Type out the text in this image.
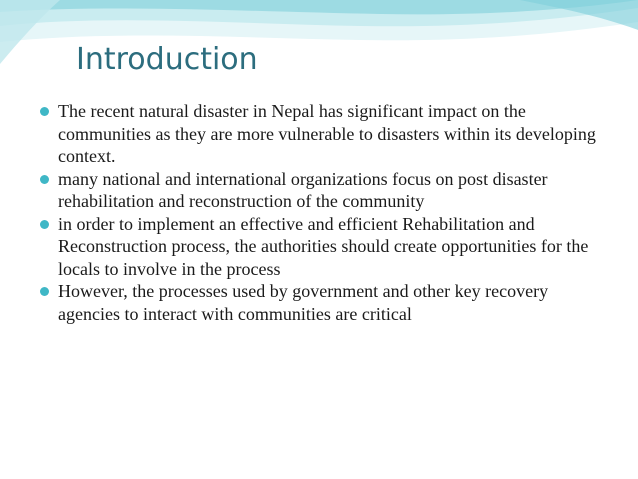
Introduction
The recent natural disaster in Nepal has significant impact on the communities as they are more vulnerable to disasters within its developing context.
many national and international organizations focus on post disaster rehabilitation and reconstruction of the community
in order to implement an effective and efficient Rehabilitation and Reconstruction process, the authorities should create opportunities for the locals to involve in the process
However, the processes used by government and other key recovery agencies to interact with communities are critical
